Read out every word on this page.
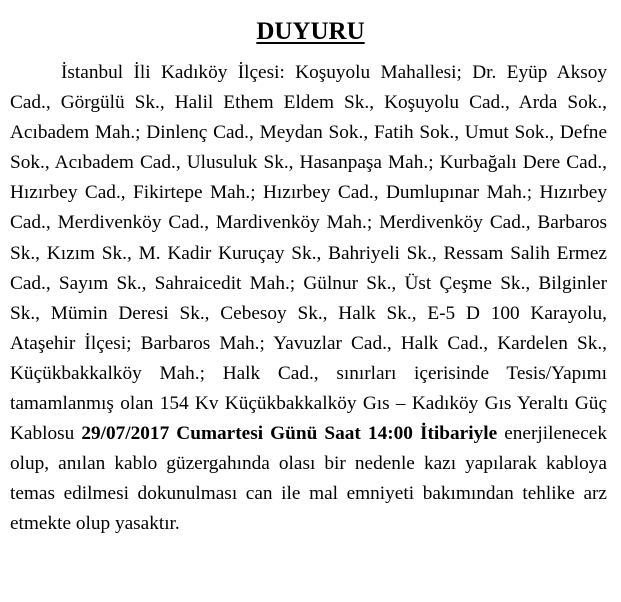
DUYURU

İstanbul İli Kadıköy İlçesi: Koşuyolu Mahallesi; Dr. Eyüp Aksoy Cad., Görgülü Sk., Halil Ethem Eldem Sk., Koşuyolu Cad., Arda Sok., Acıbadem Mah.; Dinlenç Cad., Meydan Sok., Fatih Sok., Umut Sok., Defne Sok., Acıbadem Cad., Ulusuluk Sk., Hasanpaşa Mah.; Kurbağalı Dere Cad., Hızırbey Cad., Fikirtepe Mah.; Hızırbey Cad., Dumlupınar Mah.; Hızırbey Cad., Merdivenköy Cad., Mardivenköy Mah.; Merdivenköy Cad., Barbaros Sk., Kızım Sk., M. Kadir Kuruçay Sk., Bahriyeli Sk., Ressam Salih Ermez Cad., Sayım Sk., Sahraicedit Mah.; Gülnur Sk., Üst Çeşme Sk., Bilginler Sk., Mümin Deresi Sk., Cebesoy Sk., Halk Sk., E-5 D 100 Karayolu, Ataşehir İlçesi; Barbaros Mah.; Yavuzlar Cad., Halk Cad., Kardelen Sk., Küçükbakkalköy Mah.; Halk Cad., sınırları içerisinde Tesis/Yapımı tamamlanmış olan 154 Kv Küçükbakkalköy Gıs – Kadıköy Gıs Yeraltı Güç Kablosu 29/07/2017 Cumartesi Günü Saat 14:00 İtibariyle enerjilenecek olup, anılan kablo güzergahında olası bir nedenle kazı yapılarak kabloya temas edilmesi dokunulması can ile mal emniyeti bakımından tehlike arz etmekte olup yasaktır.
